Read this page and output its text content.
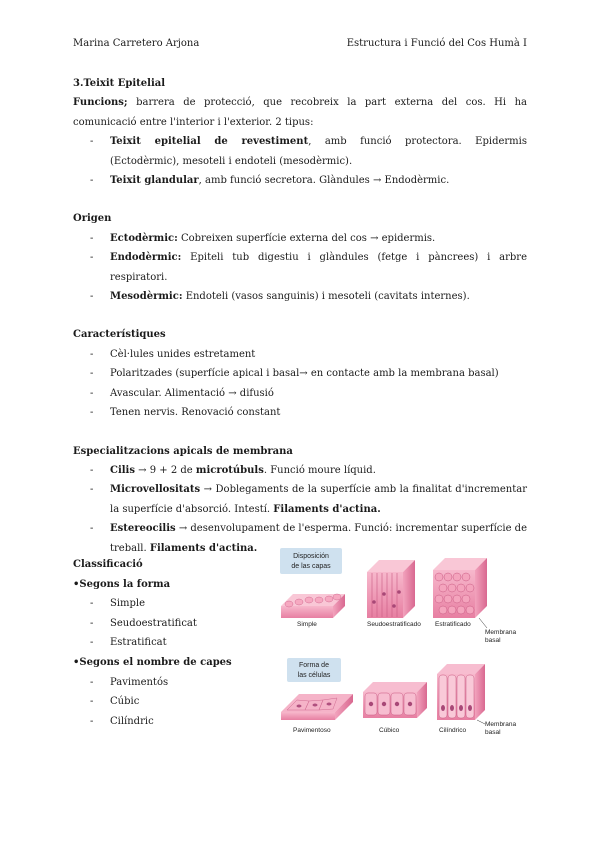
Marina Carretero Arjona	Estructura i Funció del Cos Humà I

3.Teixit Epitelial

Funcions; barrera de protecció, que recobreix la part externa del cos. Hi ha comunicació entre l'interior i l'exterior. 2 tipus:

- Teixit epitelial de revestiment, amb funció protectora. Epidermis (Ectodèrmic), mesoteli i endoteli (mesodèrmic).
- Teixit glandular, amb funció secretora. Glàndules → Endodèrmic.

Origen

- Ectodèrmic: Cobreixen superfície externa del cos → epidermis.
- Endodèrmic: Epiteli tub digestiu i glàndules (fetge i pàncrees) i arbre respiratori.
- Mesodèrmic: Endoteli (vasos sanguinis) i mesoteli (cavitats internes).

Característiques

- Cèl·lules unides estretament
- Polaritzades (superfície apical i basal→ en contacte amb la membrana basal)
- Avascular. Alimentació → difusió
- Tenen nervis. Renovació constant

Especialitzacions apicals de membrana

- Cilis → 9 + 2 de microtúbuls. Funció moure líquid.
- Microvellositats → Doblegaments de la superfície amb la finalitat d'incrementar la superfície d'absorció. Intestí. Filaments d'actina.
- Estereocilis → desenvolupament de l'esperma. Funció: incrementar superfície de treball. Filaments d'actina.

Classificació

•Segons la forma

- Simple
- Seudoestratificat
- Estratificat

•Segons el nombre de capes

- Pavimentós
- Cúbic
- Cilíndric
Disposición
de las capas
Simple	Seudoestratificado Estratificado
Membrana
basal
Forma de
las células
Pavimentoso	Cúbico	Cilíndrico
Membrana
basal
